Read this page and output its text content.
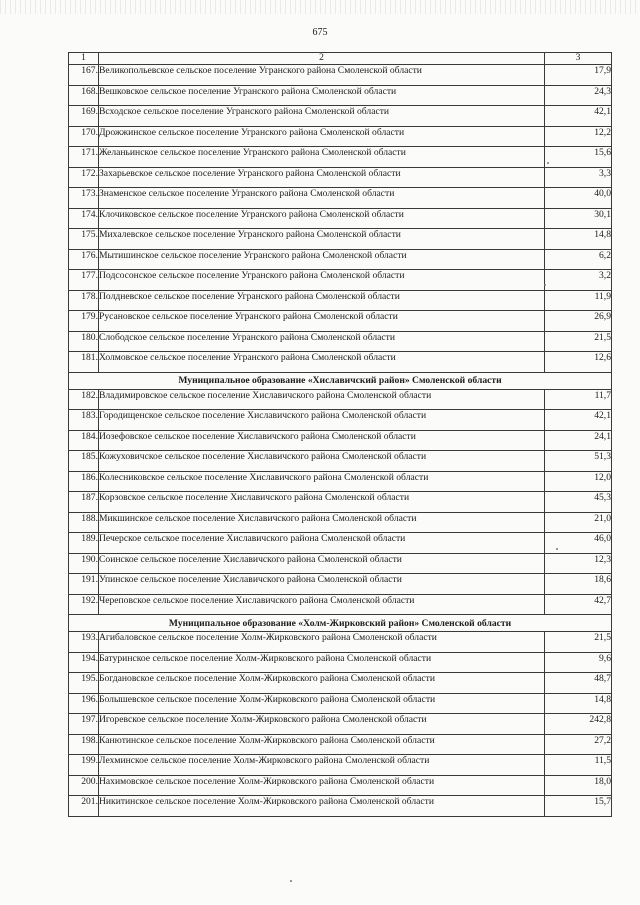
675
1	2	3
167.	Великопольевское сельское поселение Угранского района Смоленской области	17,9
168.	Вешковское сельское поселение Угранского района Смоленской области	24,3
169.	Всходское сельское поселение Угранского района Смоленской области	42,1
170.	Дрожжинское сельское поселение Угранского района Смоленской области	12,2
171.	Желаньинское сельское поселение Угранского района Смоленской области	15,6
172.	Захарьевское сельское поселение Угранского района Смоленской области	3,3
173.	Знаменское сельское поселение Угранского района Смоленской области	40,0
174.	Клочиковское сельское поселение Угранского района Смоленской области	30,1
175.	Михалевское сельское поселение Угранского района Смоленской области	14,8
176.	Мытишинское сельское поселение Угранского района Смоленской области	6,2
177.	Подсосонское сельское поселение Угранского района Смоленской области	3,2
178.	Полдневское сельское поселение Угранского района Смоленской области	11,9
179.	Русановское сельское поселение Угранского района Смоленской области	26,9
180.	Слободское сельское поселение Угранского района Смоленской области	21,5
181.	Холмовское сельское поселение Угранского района Смоленской области	12,6
Муниципальное образование «Хиславичский район» Смоленской области		
182.	Владимировское сельское поселение Хиславичского района Смоленской области	11,7
183.	Городищенское сельское поселение Хиславичского района Смоленской области	42,1
184.	Иозефовское сельское поселение Хиславичского района Смоленской области	24,1
185.	Кожуховичское сельское поселение Хиславичского района Смоленской области	51,3
186.	Колесниковское сельское поселение Хиславичского района Смоленской области	12,0
187.	Корзовское сельское поселение Хиславичского района Смоленской области	45,3
188.	Микшинское сельское поселение Хиславичского района Смоленской области	21,0
189.	Печерское сельское поселение Хиславичского района Смоленской области	46,0
190.	Соинское сельское поселение Хиславичского района Смоленской области	12,3
191.	Упинское сельское поселение Хиславичского района Смоленской области	18,6
192.	Череповское сельское поселение Хиславичского района Смоленской области	42,7
Муниципальное образование «Холм-Жирковский район» Смоленской области		
193.	Агибаловское сельское поселение Холм-Жирковского района Смоленской области	21,5
194.	Батуринское сельское поселение Холм-Жирковского района Смоленской области	9,6
195.	Богдановское сельское поселение Холм-Жирковского района Смоленской области	48,7
196.	Болышевское сельское поселение Холм-Жирковского района Смоленской области	14,8
197.	Игоревское сельское поселение Холм-Жирковского района Смоленской области	242,8
198.	Канютинское сельское поселение Холм-Жирковского района Смоленской области	27,2
199.	Лехминское сельское поселение Холм-Жирковского района Смоленской области	11,5
200.	Нахимовское сельское поселение Холм-Жирковского района Смоленской области	18,0
201.	Никитинское сельское поселение Холм-Жирковского района Смоленской области	15,7
